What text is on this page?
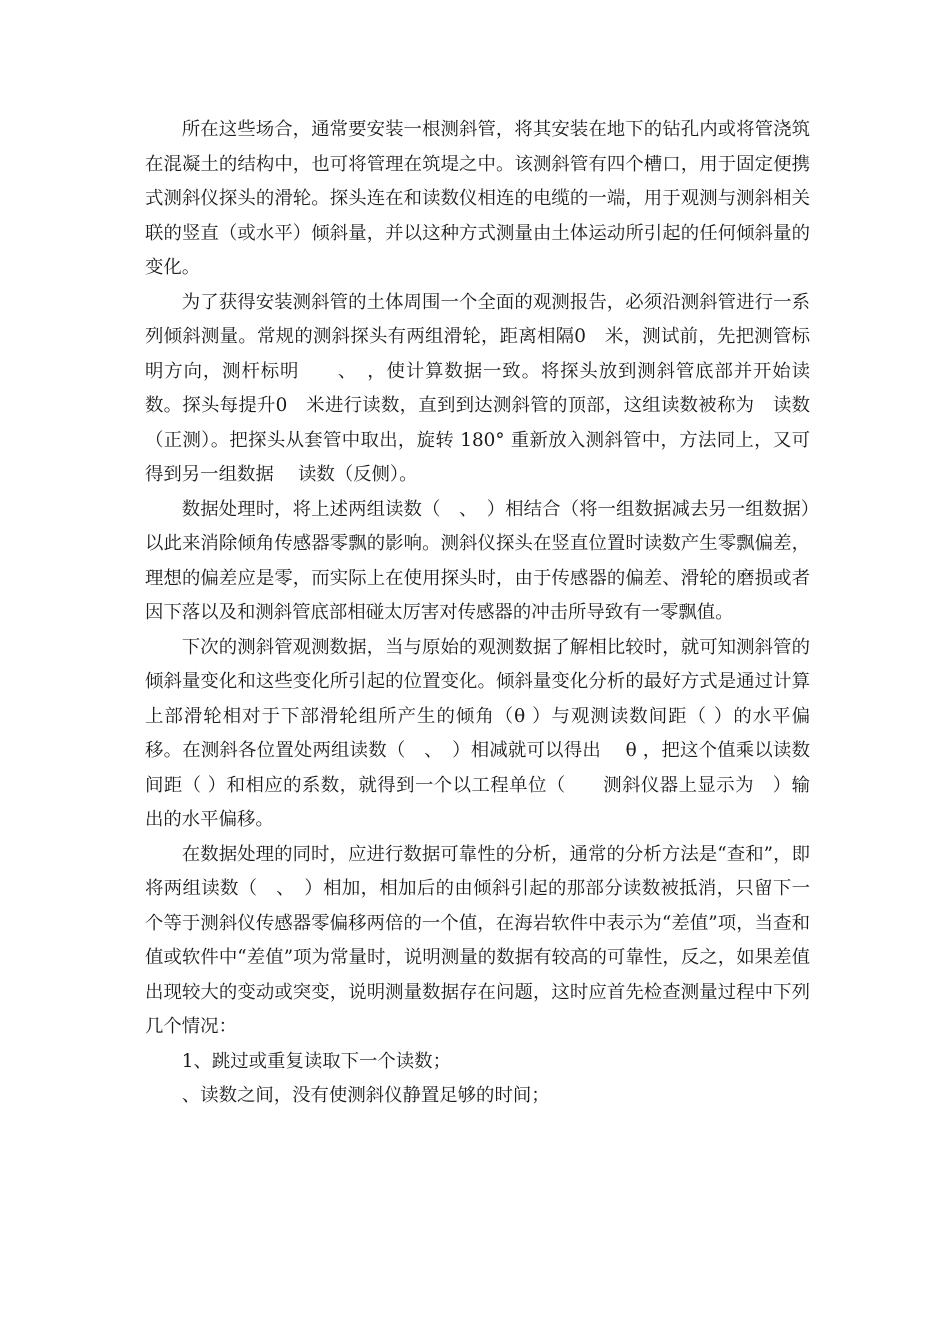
所在这些场合，通常要安装一根测斜管，将其安装在地下的钻孔内或将管浇筑在混凝土的结构中，也可将管理在筑堤之中。该测斜管有四个槽口，用于固定便携式测斜仪探头的滑轮。探头连在和读数仪相连的电缆的一端，用于观测与测斜相关联的竖直（或水平）倾斜量，并以这种方式测量由土体运动所引起的任何倾斜量的变化。

为了获得安装测斜管的土体周围一个全面的观测报告，必须沿测斜管进行一系列倾斜测量。常规的测斜探头有两组滑轮，距离相隔0　米，测试前，先把测管标明方向，测杆标明　　、　，使计算数据一致。将探头放到测斜管底部并开始读数。探头每提升0　米进行读数，直到到达测斜管的顶部，这组读数被称为　读数（正测）。把探头从套管中取出，旋转 180° 重新放入测斜管中，方法同上，又可得到另一组数据　 读数（反侧）。

数据处理时，将上述两组读数（　、　）相结合（将一组数据减去另一组数据）以此来消除倾角传感器零飘的影响。测斜仪探头在竖直位置时读数产生零飘偏差，理想的偏差应是零，而实际上在使用探头时，由于传感器的偏差、滑轮的磨损或者因下落以及和测斜管底部相碰太厉害对传感器的冲击所导致有一零飘值。

下次的测斜管观测数据，当与原始的观测数据了解相比较时，就可知测斜管的倾斜量变化和这些变化所引起的位置变化。倾斜量变化分析的最好方式是通过计算上部滑轮相对于下部滑轮组所产生的倾角（θ ）与观测读数间距（ ）的水平偏移。在测斜各位置处两组读数（　、　）相减就可以得出　 θ ，把这个值乘以读数间距（ ）和相应的系数，就得到一个以工程单位（　　测斜仪器上显示为　）输出的水平偏移。

在数据处理的同时，应进行数据可靠性的分析，通常的分析方法是“查和”，即将两组读数（　、　）相加，相加后的由倾斜引起的那部分读数被抵消，只留下一个等于测斜仪传感器零偏移两倍的一个值，在海岩软件中表示为“差值”项，当查和值或软件中“差值”项为常量时，说明测量的数据有较高的可靠性，反之，如果差值出现较大的变动或突变，说明测量数据存在问题，这时应首先检查测量过程中下列几个情况：

1、跳过或重复读取下一个读数；

、读数之间，没有使测斜仪静置足够的时间；
